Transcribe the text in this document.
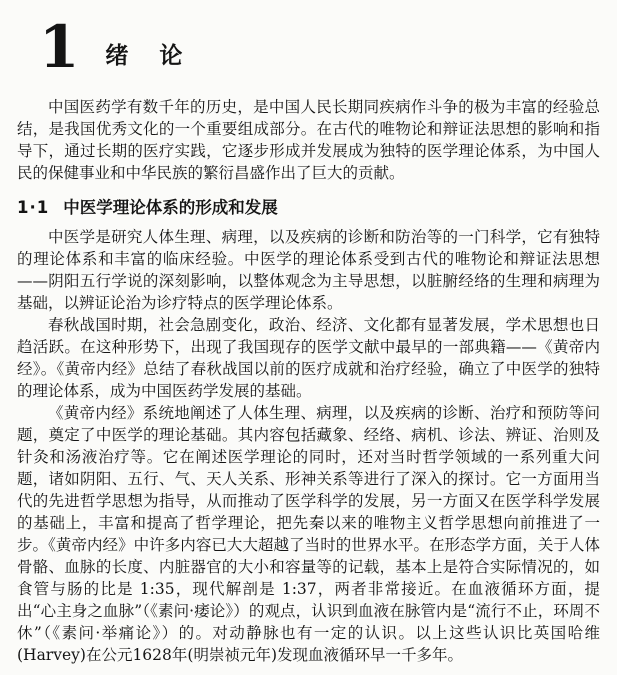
1 绪　论

中国医药学有数千年的历史，是中国人民长期同疾病作斗争的极为丰富的经验总结，是我国优秀文化的一个重要组成部分。在古代的唯物论和辩证法思想的影响和指导下，通过长期的医疗实践，它逐步形成并发展成为独特的医学理论体系，为中国人民的保健事业和中华民族的繁衍昌盛作出了巨大的贡献。

1·1 中医学理论体系的形成和发展

中医学是研究人体生理、病理，以及疾病的诊断和防治等的一门科学，它有独特的理论体系和丰富的临床经验。中医学的理论体系受到古代的唯物论和辩证法思想——阴阳五行学说的深刻影响，以整体观念为主导思想，以脏腑经络的生理和病理为基础，以辨证论治为诊疗特点的医学理论体系。

春秋战国时期，社会急剧变化，政治、经济、文化都有显著发展，学术思想也日趋活跃。在这种形势下，出现了我国现存的医学文献中最早的一部典籍——《黄帝内经》。《黄帝内经》总结了春秋战国以前的医疗成就和治疗经验，确立了中医学的独特的理论体系，成为中国医药学发展的基础。

《黄帝内经》系统地阐述了人体生理、病理，以及疾病的诊断、治疗和预防等问题，奠定了中医学的理论基础。其内容包括藏象、经络、病机、诊法、辨证、治则及针灸和汤液治疗等。它在阐述医学理论的同时，还对当时哲学领域的一系列重大问题，诸如阴阳、五行、气、天人关系、形神关系等进行了深入的探讨。它一方面用当代的先进哲学思想为指导，从而推动了医学科学的发展，另一方面又在医学科学发展的基础上，丰富和提高了哲学理论，把先秦以来的唯物主义哲学思想向前推进了一步。《黄帝内经》中许多内容已大大超越了当时的世界水平。在形态学方面，关于人体骨骼、血脉的长度、内脏器官的大小和容量等的记载，基本上是符合实际情况的，如食管与肠的比是 1:35，现代解剖是 1:37，两者非常接近。在血液循环方面，提出“心主身之血脉”（《素问·痿论》）的观点，认识到血液在脉管内是“流行不止，环周不休”（《素问·举痛论》）的。对动静脉也有一定的认识。以上这些认识比英国哈维(Harvey)在公元1628年(明崇祯元年)发现血液循环早一千多年。
